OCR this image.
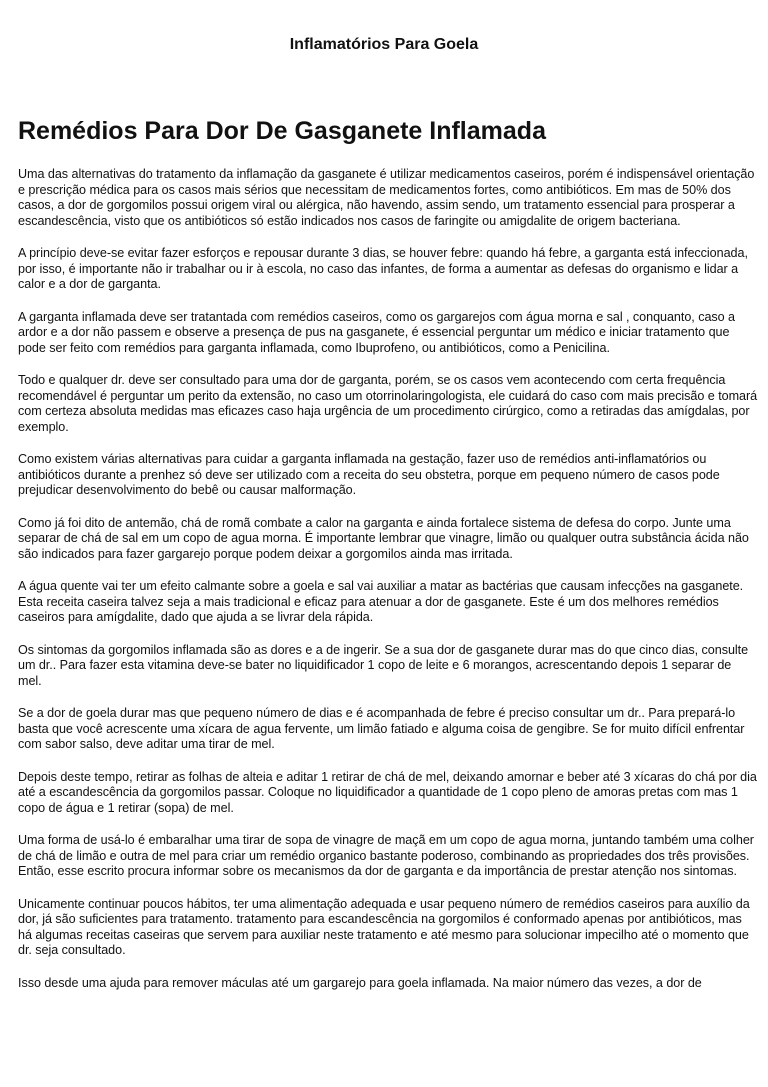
Inflamatórios Para Goela
Remédios Para Dor De Gasganete Inflamada

Uma das alternativas do tratamento da inflamação da gasganete é utilizar medicamentos caseiros, porém é indispensável orientação e prescrição médica para os casos mais sérios que necessitam de medicamentos fortes, como antibióticos. Em mas de 50% dos casos, a dor de gorgomilos possui origem viral ou alérgica, não havendo, assim sendo, um tratamento essencial para prosperar a escandescência, visto que os antibióticos só estão indicados nos casos de faringite ou amigdalite de origem bacteriana.

A princípio deve-se evitar fazer esforços e repousar durante 3 dias, se houver febre: quando há febre, a garganta está infeccionada, por isso, é importante não ir trabalhar ou ir à escola, no caso das infantes, de forma a aumentar as defesas do organismo e lidar a calor e a dor de garganta.

A garganta inflamada deve ser tratantada com remédios caseiros, como os gargarejos com água morna e sal , conquanto, caso a ardor e a dor não passem e observe a presença de pus na gasganete, é essencial perguntar um médico e iniciar tratamento que pode ser feito com remédios para garganta inflamada, como Ibuprofeno, ou antibióticos, como a Penicilina.

Todo e qualquer dr. deve ser consultado para uma dor de garganta, porém, se os casos vem acontecendo com certa frequência recomendável é perguntar um perito da extensão, no caso um otorrinolaringologista, ele cuidará do caso com mais precisão e tomará com certeza absoluta medidas mas eficazes caso haja urgência de um procedimento cirúrgico, como a retiradas das amígdalas, por exemplo.

Como existem várias alternativas para cuidar a garganta inflamada na gestação, fazer uso de remédios anti-inflamatórios ou antibióticos durante a prenhez só deve ser utilizado com a receita do seu obstetra, porque em pequeno número de casos pode prejudicar desenvolvimento do bebê ou causar malformação.

Como já foi dito de antemão, chá de romã combate a calor na garganta e ainda fortalece sistema de defesa do corpo. Junte uma separar de chá de sal em um copo de agua morna. É importante lembrar que vinagre, limão ou qualquer outra substância ácida não são indicados para fazer gargarejo porque podem deixar a gorgomilos ainda mas irritada.

A água quente vai ter um efeito calmante sobre a goela e sal vai auxiliar a matar as bactérias que causam infecções na gasganete. Esta receita caseira talvez seja a mais tradicional e eficaz para atenuar a dor de gasganete. Este é um dos melhores remédios caseiros para amígdalite, dado que ajuda a se livrar dela rápida.

Os sintomas da gorgomilos inflamada são as dores e a de ingerir. Se a sua dor de gasganete durar mas do que cinco dias, consulte um dr.. Para fazer esta vitamina deve-se bater no liquidificador 1 copo de leite e 6 morangos, acrescentando depois 1 separar de mel.

Se a dor de goela durar mas que pequeno número de dias e é acompanhada de febre é preciso consultar um dr.. Para prepará-lo basta que você acrescente uma xícara de agua fervente, um limão fatiado e alguma coisa de gengibre. Se for muito difícil enfrentar com sabor salso, deve aditar uma tirar de mel.

Depois deste tempo, retirar as folhas de alteia e aditar 1 retirar de chá de mel, deixando amornar e beber até 3 xícaras do chá por dia até a escandescência da gorgomilos passar. Coloque no liquidificador a quantidade de 1 copo pleno de amoras pretas com mas 1 copo de água e 1 retirar (sopa) de mel.

Uma forma de usá-lo é embaralhar uma tirar de sopa de vinagre de maçã em um copo de agua morna, juntando também uma colher de chá de limão e outra de mel para criar um remédio organico bastante poderoso, combinando as propriedades dos três provisões. Então, esse escrito procura informar sobre os mecanismos da dor de garganta e da importância de prestar atenção nos sintomas.

Unicamente continuar poucos hábitos, ter uma alimentação adequada e usar pequeno número de remédios caseiros para auxílio da dor, já são suficientes para tratamento. tratamento para escandescência na gorgomilos é conformado apenas por antibióticos, mas há algumas receitas caseiras que servem para auxiliar neste tratamento e até mesmo para solucionar impecilho até o momento que dr. seja consultado.

Isso desde uma ajuda para remover máculas até um gargarejo para goela inflamada. Na maior número das vezes, a dor de
